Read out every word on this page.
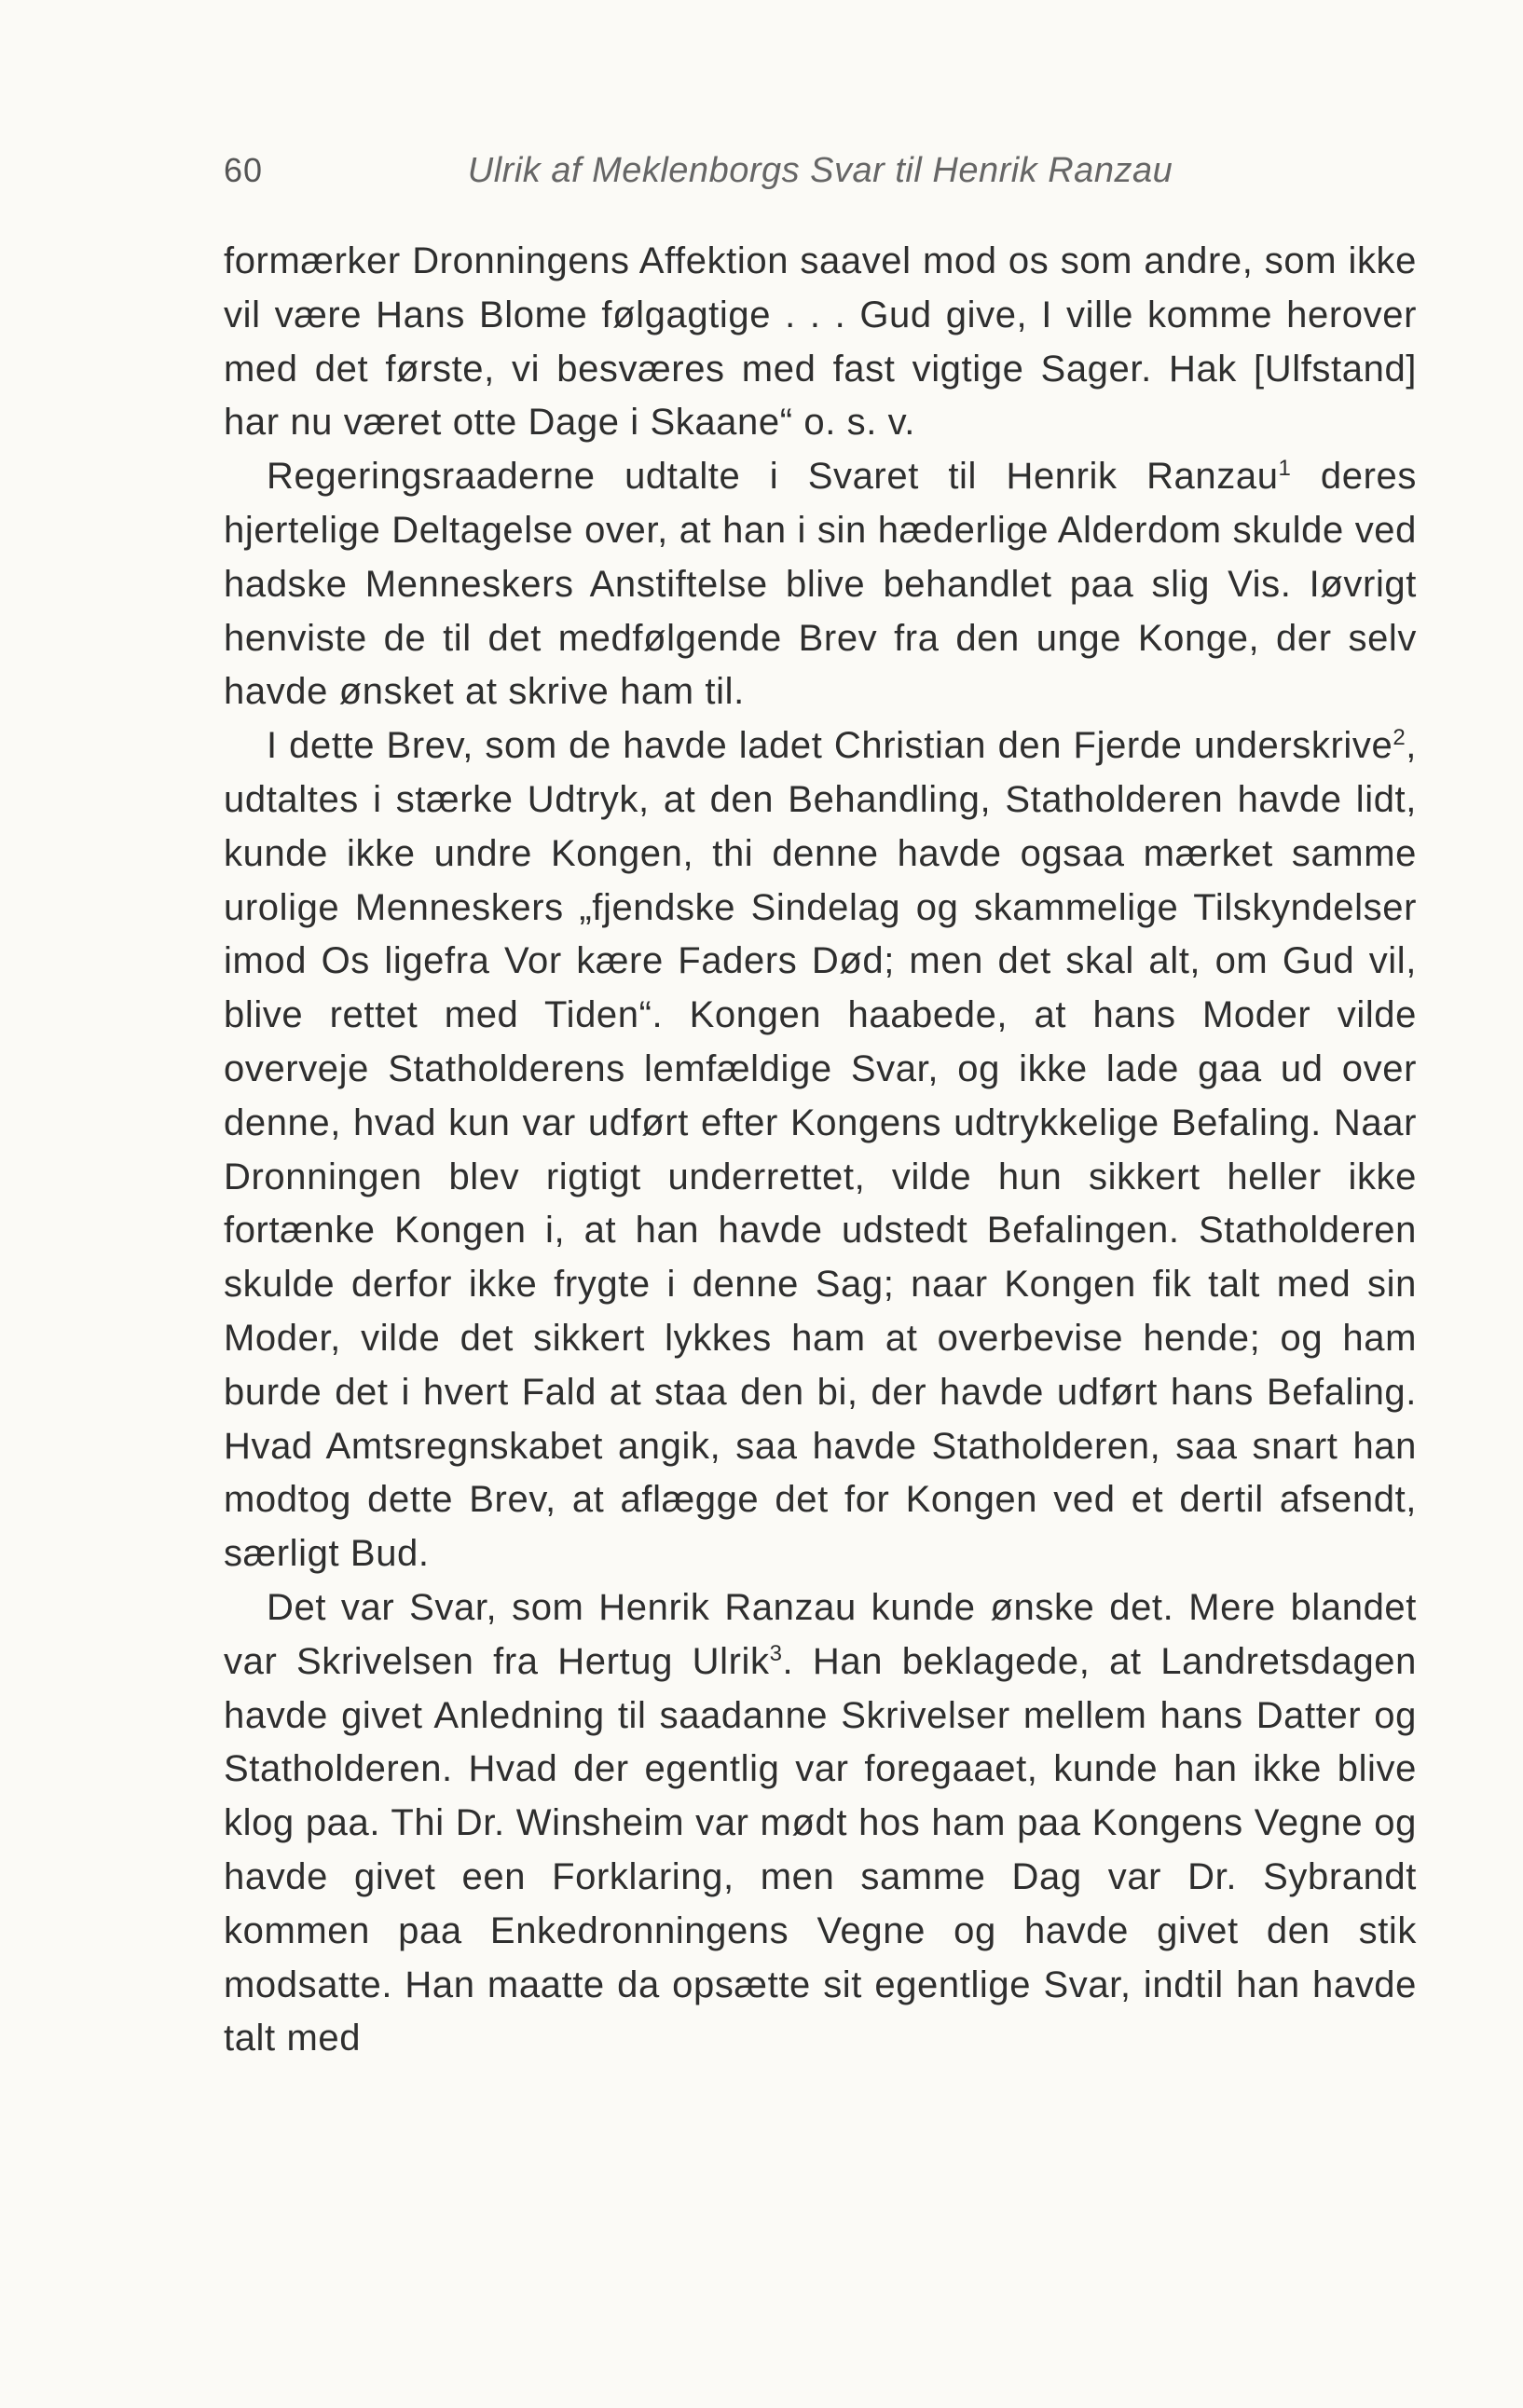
60	Ulrik af Meklenborgs Svar til Henrik Ranzau

formærker Dronningens Affektion saavel mod os som andre, som ikke vil være Hans Blome følgagtige . . . Gud give, I ville komme herover med det første, vi besværes med fast vigtige Sager. Hak [Ulfstand] har nu været otte Dage i Skaane“ o. s. v.

Regeringsraaderne udtalte i Svaret til Henrik Ranzau$^1$ deres hjertelige Deltagelse over, at han i sin hæderlige Alderdom skulde ved hadske Menneskers Anstiftelse blive behandlet paa slig Vis. Iøvrigt henviste de til det medfølgende Brev fra den unge Konge, der selv havde ønsket at skrive ham til.

I dette Brev, som de havde ladet Christian den Fjerde underskrive$^2$, udtaltes i stærke Udtryk, at den Behandling, Statholderen havde lidt, kunde ikke undre Kongen, thi denne havde ogsaa mærket samme urolige Menneskers „fjendske Sindelag og skammelige Tilskyndelser imod Os ligefra Vor kære Faders Død; men det skal alt, om Gud vil, blive rettet med Tiden“. Kongen haabede, at hans Moder vilde overveje Statholderens lemfældige Svar, og ikke lade gaa ud over denne, hvad kun var udført efter Kongens udtrykkelige Befaling. Naar Dronningen blev rigtigt underrettet, vilde hun sikkert heller ikke fortænke Kongen i, at han havde udstedt Befalingen. Statholderen skulde derfor ikke frygte i denne Sag; naar Kongen fik talt med sin Moder, vilde det sikkert lykkes ham at overbevise hende; og ham burde det i hvert Fald at staa den bi, der havde udført hans Befaling. Hvad Amtsregnskabet angik, saa havde Statholderen, saa snart han modtog dette Brev, at aflægge det for Kongen ved et dertil afsendt, særligt Bud.

Det var Svar, som Henrik Ranzau kunde ønske det. Mere blandet var Skrivelsen fra Hertug Ulrik$^3$. Han beklagede, at Landretsdagen havde givet Anledning til saadanne Skrivelser mellem hans Datter og Statholderen. Hvad der egentlig var foregaaet, kunde han ikke blive klog paa. Thi Dr. Winsheim var mødt hos ham paa Kongens Vegne og havde givet een Forklaring, men samme Dag var Dr. Sybrandt kommen paa Enkedronningens Vegne og havde givet den stik modsatte. Han maatte da opsætte sit egentlige Svar, indtil han havde talt med
